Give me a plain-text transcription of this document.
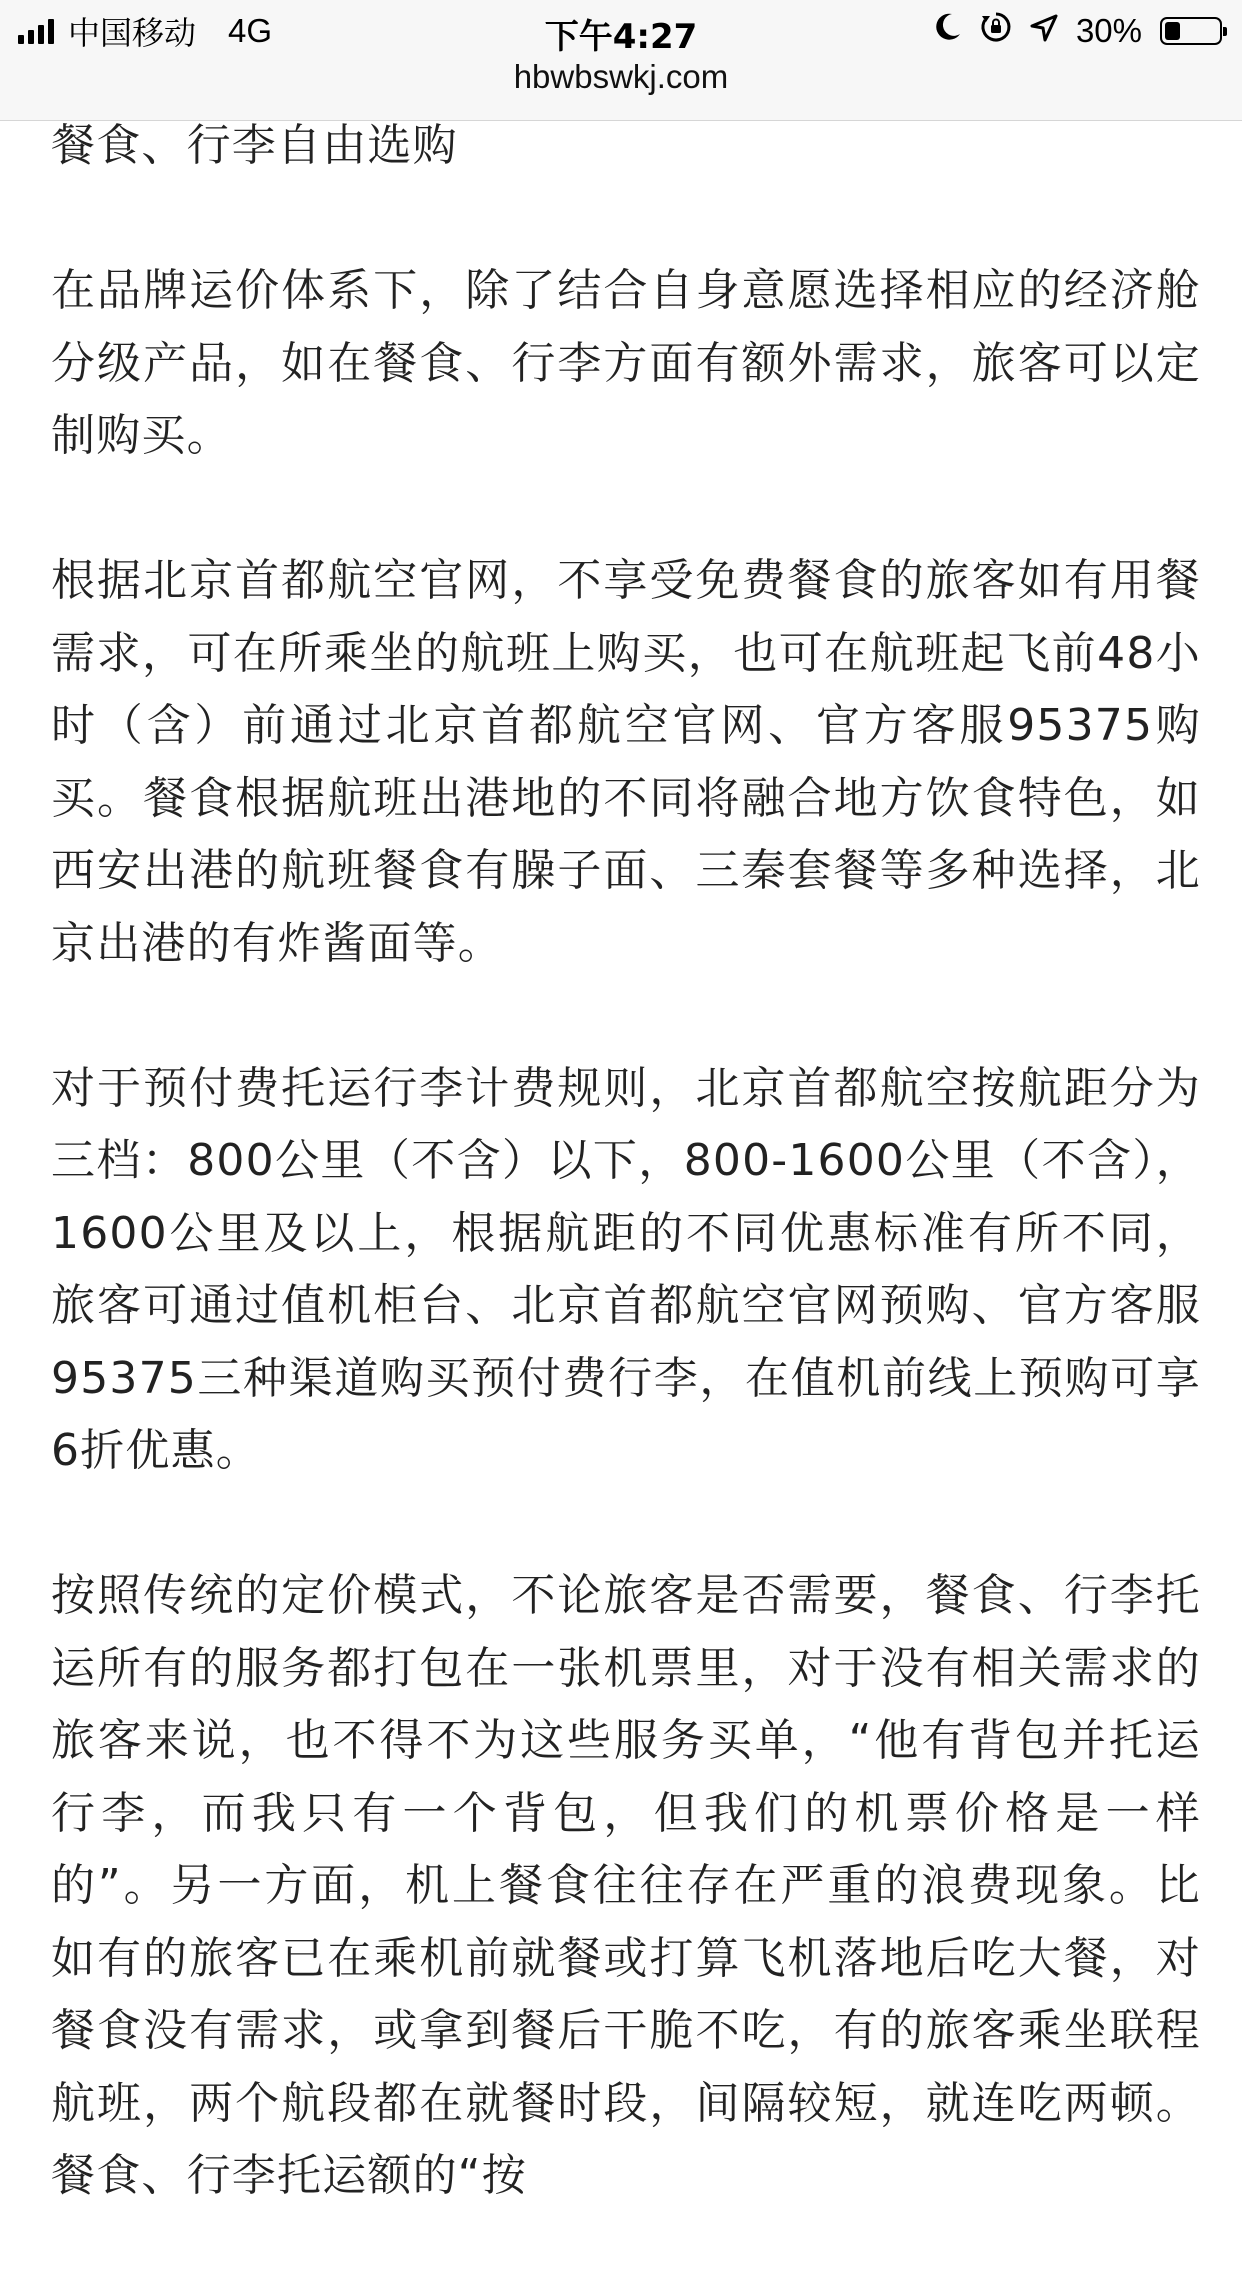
中国移动 4G	下午4:27	30%
hbwbswkj.com

餐食、行李自由选购

在品牌运价体系下，除了结合自身意愿选择相应的经济舱分级产品，如在餐食、行李方面有额外需求，旅客可以定制购买。

根据北京首都航空官网，不享受免费餐食的旅客如有用餐需求，可在所乘坐的航班上购买，也可在航班起飞前48小时（含）前通过北京首都航空官网、官方客服95375购买。餐食根据航班出港地的不同将融合地方饮食特色，如西安出港的航班餐食有臊子面、三秦套餐等多种选择，北京出港的有炸酱面等。

对于预付费托运行李计费规则，北京首都航空按航距分为三档：800公里（不含）以下，800-1600公里（不含），1600公里及以上，根据航距的不同优惠标准有所不同，旅客可通过值机柜台、北京首都航空官网预购、官方客服95375三种渠道购买预付费行李，在值机前线上预购可享6折优惠。

按照传统的定价模式，不论旅客是否需要，餐食、行李托运所有的服务都打包在一张机票里，对于没有相关需求的旅客来说，也不得不为这些服务买单，“他有背包并托运行李，而我只有一个背包，但我们的机票价格是一样的”。另一方面，机上餐食往往存在严重的浪费现象。比如有的旅客已在乘机前就餐或打算飞机落地后吃大餐，对餐食没有需求，或拿到餐后干脆不吃，有的旅客乘坐联程航班，两个航段都在就餐时段，间隔较短，就连吃两顿。餐食、行李托运额的“按
